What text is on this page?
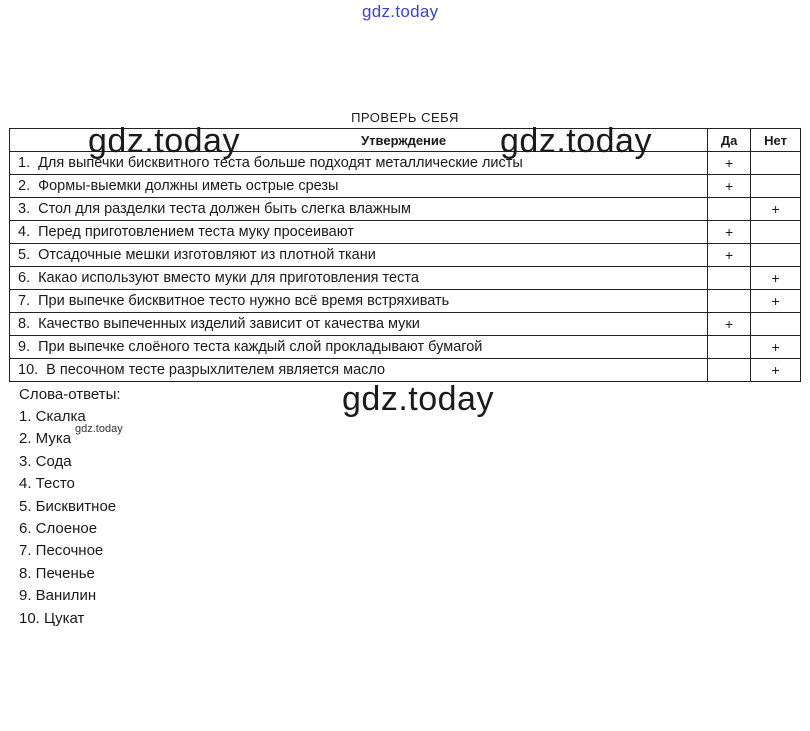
gdz.today
ПРОВЕРЬ СЕБЯ
Утверждение	Да	Нет
1. Для выпечки бисквитного теста больше подходят металлические листы	+	
2. Формы-выемки должны иметь острые срезы	+	
3. Стол для разделки теста должен быть слегка влажным		+
4. Перед приготовлением теста муку просеивают	+	
5. Отсадочные мешки изготовляют из плотной ткани	+	
6. Какао используют вместо муки для приготовления теста		+
7. При выпечке бисквитное тесто нужно всё время встряхивать		+
8. Качество выпеченных изделий зависит от качества муки	+	
9. При выпечке слоёного теста каждый слой прокладывают бумагой		+
10. В песочном тесте разрыхлителем является масло		+
gdz.today	gdz.today
gdz.today
gdz.today
Слова-ответы:
1. Скалка
2. Мука
3. Сода
4. Тесто
5. Бисквитное
6. Слоеное
7. Песочное
8. Печенье
9. Ванилин
10. Цукат
